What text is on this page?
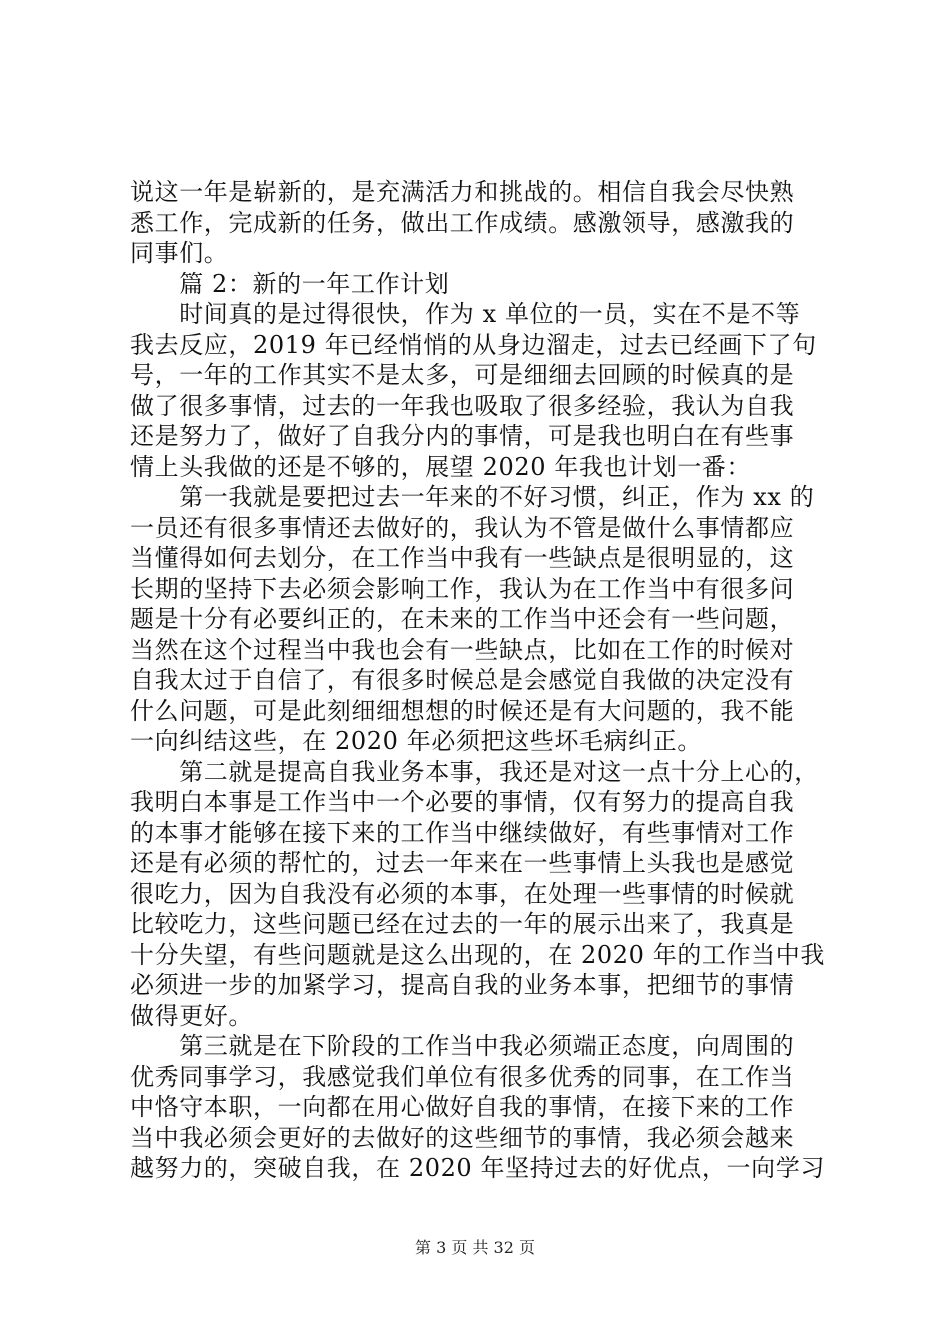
说这一年是崭新的，是充满活力和挑战的。相信自我会尽快熟
悉工作，完成新的任务，做出工作成绩。感激领导，感激我的
同事们。
　　篇 2：新的一年工作计划
　　时间真的是过得很快，作为 x 单位的一员，实在不是不等
我去反应，2019 年已经悄悄的从身边溜走，过去已经画下了句
号，一年的工作其实不是太多，可是细细去回顾的时候真的是
做了很多事情，过去的一年我也吸取了很多经验，我认为自我
还是努力了，做好了自我分内的事情，可是我也明白在有些事
情上头我做的还是不够的，展望 2020 年我也计划一番：
　　第一我就是要把过去一年来的不好习惯，纠正，作为 xx 的
一员还有很多事情还去做好的，我认为不管是做什么事情都应
当懂得如何去划分，在工作当中我有一些缺点是很明显的，这
长期的坚持下去必须会影响工作，我认为在工作当中有很多问
题是十分有必要纠正的，在未来的工作当中还会有一些问题，
当然在这个过程当中我也会有一些缺点，比如在工作的时候对
自我太过于自信了，有很多时候总是会感觉自我做的决定没有
什么问题，可是此刻细细想想的时候还是有大问题的，我不能
一向纠结这些，在 2020 年必须把这些坏毛病纠正。
　　第二就是提高自我业务本事，我还是对这一点十分上心的，
我明白本事是工作当中一个必要的事情，仅有努力的提高自我
的本事才能够在接下来的工作当中继续做好，有些事情对工作
还是有必须的帮忙的，过去一年来在一些事情上头我也是感觉
很吃力，因为自我没有必须的本事，在处理一些事情的时候就
比较吃力，这些问题已经在过去的一年的展示出来了，我真是
十分失望，有些问题就是这么出现的，在 2020 年的工作当中我
必须进一步的加紧学习，提高自我的业务本事，把细节的事情
做得更好。
　　第三就是在下阶段的工作当中我必须端正态度，向周围的
优秀同事学习，我感觉我们单位有很多优秀的同事，在工作当
中恪守本职，一向都在用心做好自我的事情，在接下来的工作
当中我必须会更好的去做好的这些细节的事情，我必须会越来
越努力的，突破自我，在 2020 年坚持过去的好优点，一向学习
第 3 页 共 32 页
